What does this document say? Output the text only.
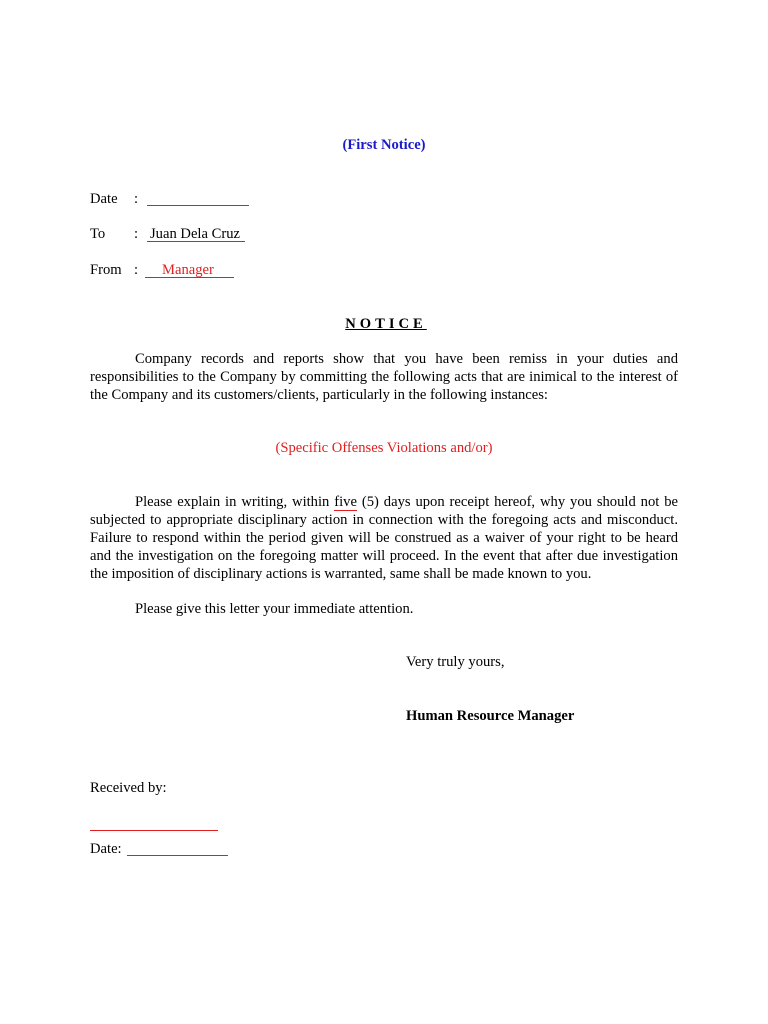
(First Notice)
Date :
To : Juan Dela Cruz
From : Manager
NOTICE
Company records and reports show that you have been remiss in your duties and responsibilities to the Company by committing the following acts that are inimical to the interest of the Company and its customers/clients, particularly in the following instances:
(Specific Offenses Violations and/or)
Please explain in writing, within five (5) days upon receipt hereof, why you should not be subjected to appropriate disciplinary action in connection with the foregoing acts and misconduct. Failure to respond within the period given will be construed as a waiver of your right to be heard and the investigation on the foregoing matter will proceed. In the event that after due investigation the imposition of disciplinary actions is warranted, same shall be made known to you.
Please give this letter your immediate attention.
Very truly yours,
Human Resource Manager
Received by:
Date:
